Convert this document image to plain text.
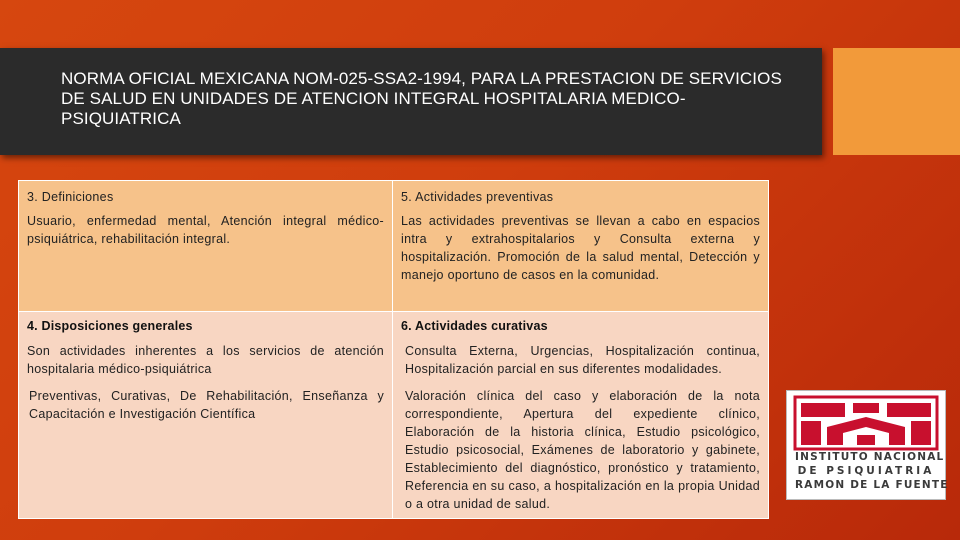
NORMA OFICIAL MEXICANA NOM-025-SSA2-1994, PARA LA PRESTACION DE SERVICIOS DE SALUD EN UNIDADES DE ATENCION INTEGRAL HOSPITALARIA MEDICO-PSIQUIATRICA
3. Definiciones	5. Actividades preventivas
Usuario, enfermedad mental, Atención integral médico-psiquiátrica, rehabilitación integral.
Las actividades preventivas se llevan a cabo en espacios intra y extrahospitalarios y Consulta externa y hospitalización. Promoción de la salud mental, Detección y manejo oportuno de casos en la comunidad.
4. Disposiciones generales	6. Actividades curativas
Son actividades inherentes a los servicios de atención hospitalaria médico-psiquiátrica
Consulta Externa, Urgencias, Hospitalización continua, Hospitalización parcial en sus diferentes modalidades.
Preventivas, Curativas, De Rehabilitación, Enseñanza y Capacitación e Investigación Científica
Valoración clínica del caso y elaboración de la nota correspondiente, Apertura del expediente clínico, Elaboración de la historia clínica, Estudio psicológico, Estudio psicosocial, Exámenes de laboratorio y gabinete, Establecimiento del diagnóstico, pronóstico y tratamiento, Referencia en su caso, a hospitalización en la propia Unidad o a otra unidad de salud.
INSTITUTO NACIONAL
DE PSIQUIATRIA
RAMON DE LA FUENTE
